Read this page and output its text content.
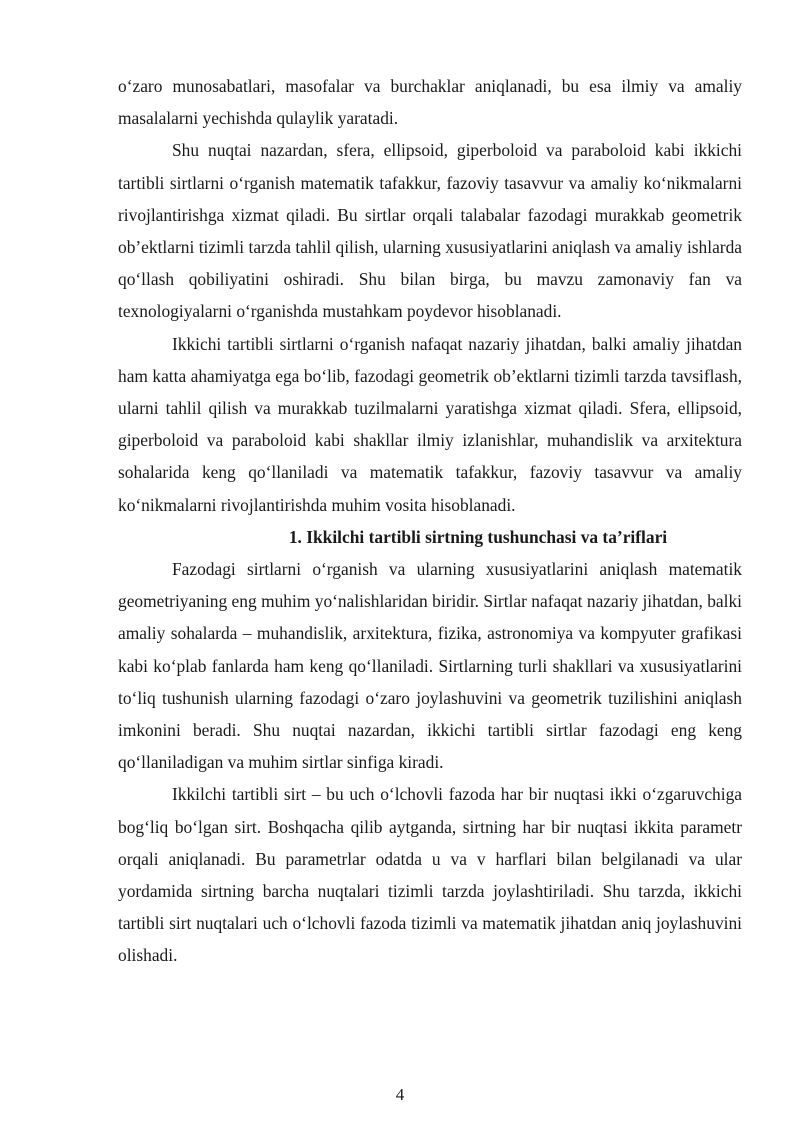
o‘zaro munosabatlari, masofalar va burchaklar aniqlanadi, bu esa ilmiy va amaliy masalalarni yechishda qulaylik yaratadi.

Shu nuqtai nazardan, sfera, ellipsoid, giperboloid va paraboloid kabi ikkichi tartibli sirtlarni o‘rganish matematik tafakkur, fazoviy tasavvur va amaliy ko‘nikmalarni rivojlantirishga xizmat qiladi. Bu sirtlar orqali talabalar fazodagi murakkab geometrik ob’ektlarni tizimli tarzda tahlil qilish, ularning xususiyatlarini aniqlash va amaliy ishlarda qo‘llash qobiliyatini oshiradi. Shu bilan birga, bu mavzu zamonaviy fan va texnologiyalarni o‘rganishda mustahkam poydevor hisoblanadi.

Ikkichi tartibli sirtlarni o‘rganish nafaqat nazariy jihatdan, balki amaliy jihatdan ham katta ahamiyatga ega bo‘lib, fazodagi geometrik ob’ektlarni tizimli tarzda tavsiflash, ularni tahlil qilish va murakkab tuzilmalarni yaratishga xizmat qiladi. Sfera, ellipsoid, giperboloid va paraboloid kabi shakllar ilmiy izlanishlar, muhandislik va arxitektura sohalarida keng qo‘llaniladi va matematik tafakkur, fazoviy tasavvur va amaliy ko‘nikmalarni rivojlantirishda muhim vosita hisoblanadi.

1. Ikkilchi tartibli sirtning tushunchasi va ta’riflari

Fazodagi sirtlarni o‘rganish va ularning xususiyatlarini aniqlash matematik geometriyaning eng muhim yo‘nalishlaridan biridir. Sirtlar nafaqat nazariy jihatdan, balki amaliy sohalarda – muhandislik, arxitektura, fizika, astronomiya va kompyuter grafikasi kabi ko‘plab fanlarda ham keng qo‘llaniladi. Sirtlarning turli shakllari va xususiyatlarini to‘liq tushunish ularning fazodagi o‘zaro joylashuvini va geometrik tuzilishini aniqlash imkonini beradi. Shu nuqtai nazardan, ikkichi tartibli sirtlar fazodagi eng keng qo‘llaniladigan va muhim sirtlar sinfiga kiradi.

Ikkilchi tartibli sirt – bu uch o‘lchovli fazoda har bir nuqtasi ikki o‘zgaruvchiga bog‘liq bo‘lgan sirt. Boshqacha qilib aytganda, sirtning har bir nuqtasi ikkita parametr orqali aniqlanadi. Bu parametrlar odatda u va v harflari bilan belgilanadi va ular yordamida sirtning barcha nuqtalari tizimli tarzda joylashtiriladi. Shu tarzda, ikkichi tartibli sirt nuqtalari uch o‘lchovli fazoda tizimli va matematik jihatdan aniq joylashuvini olishadi.

4
